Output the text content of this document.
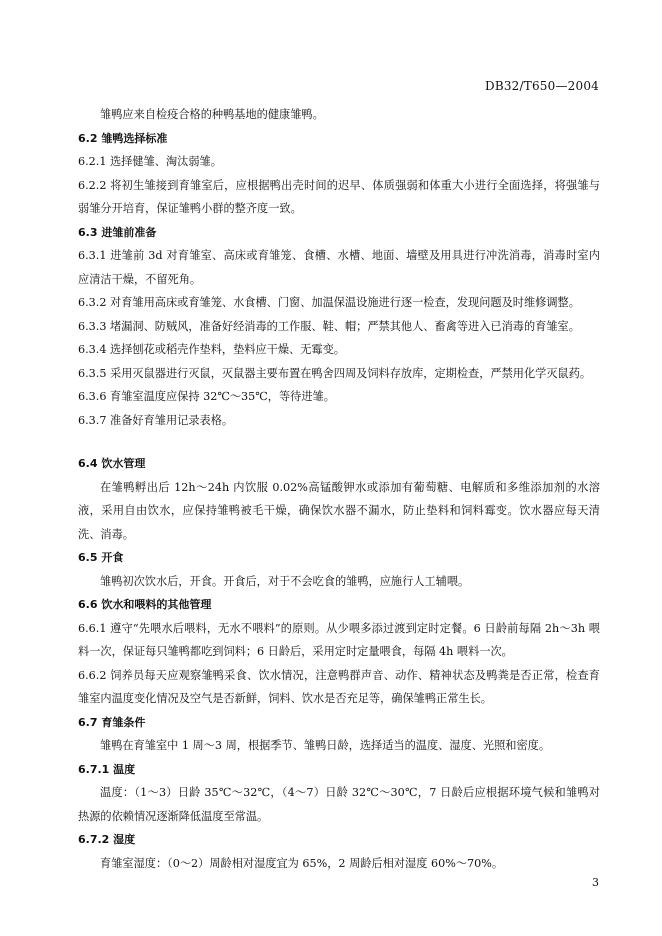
DB32/T650—2004

雏鸭应来自检疫合格的种鸭基地的健康雏鸭。

6.2 雏鸭选择标准

6.2.1 选择健雏、淘汰弱雏。

6.2.2 将初生雏接到育雏室后，应根据鸭出壳时间的迟早、体质强弱和体重大小进行全面选择，将强雏与弱雏分开培育，保证雏鸭小群的整齐度一致。

6.3 进雏前准备

6.3.1 进雏前 3d 对育雏室、高床或育雏笼、食槽、水槽、地面、墙壁及用具进行冲洗消毒，消毒时室内应清洁干燥，不留死角。

6.3.2 对育雏用高床或育雏笼、水食槽、门窗、加温保温设施进行逐一检查，发现问题及时维修调整。

6.3.3 堵漏洞、防贼风，准备好经消毒的工作服、鞋、帽；严禁其他人、畜禽等进入已消毒的育雏室。

6.3.4 选择刨花或稻壳作垫料，垫料应干燥、无霉变。

6.3.5 采用灭鼠器进行灭鼠，灭鼠器主要布置在鸭舍四周及饲料存放库，定期检查，严禁用化学灭鼠药。

6.3.6 育雏室温度应保持 32℃～35℃，等待进雏。

6.3.7 准备好育雏用记录表格。

6.4 饮水管理

在雏鸭孵出后 12h～24h 内饮服 0.02%高锰酸钾水或添加有葡萄糖、电解质和多维添加剂的水溶液，采用自由饮水，应保持雏鸭被毛干燥，确保饮水器不漏水，防止垫料和饲料霉变。饮水器应每天清洗、消毒。

6.5 开食

雏鸭初次饮水后，开食。开食后，对于不会吃食的雏鸭，应施行人工辅喂。

6.6 饮水和喂料的其他管理

6.6.1 遵守“先喂水后喂料，无水不喂料”的原则。从少喂多添过渡到定时定餐。6 日龄前每隔 2h～3h 喂料一次，保证每只雏鸭都吃到饲料；6 日龄后，采用定时定量喂食，每隔 4h 喂料一次。

6.6.2 饲养员每天应观察雏鸭采食、饮水情况，注意鸭群声音、动作、精神状态及鸭粪是否正常，检查育雏室内温度变化情况及空气是否新鲜，饲料、饮水是否充足等，确保雏鸭正常生长。

6.7 育雏条件

雏鸭在育雏室中 1 周～3 周，根据季节、雏鸭日龄，选择适当的温度、湿度、光照和密度。

6.7.1 温度

温度：（1～3）日龄 35℃～32℃，（4～7）日龄 32℃～30℃，7 日龄后应根据环境气候和雏鸭对热源的依赖情况逐渐降低温度至常温。

6.7.2 湿度

育雏室湿度：（0～2）周龄相对湿度宜为 65%，2 周龄后相对湿度 60%～70%。

3
